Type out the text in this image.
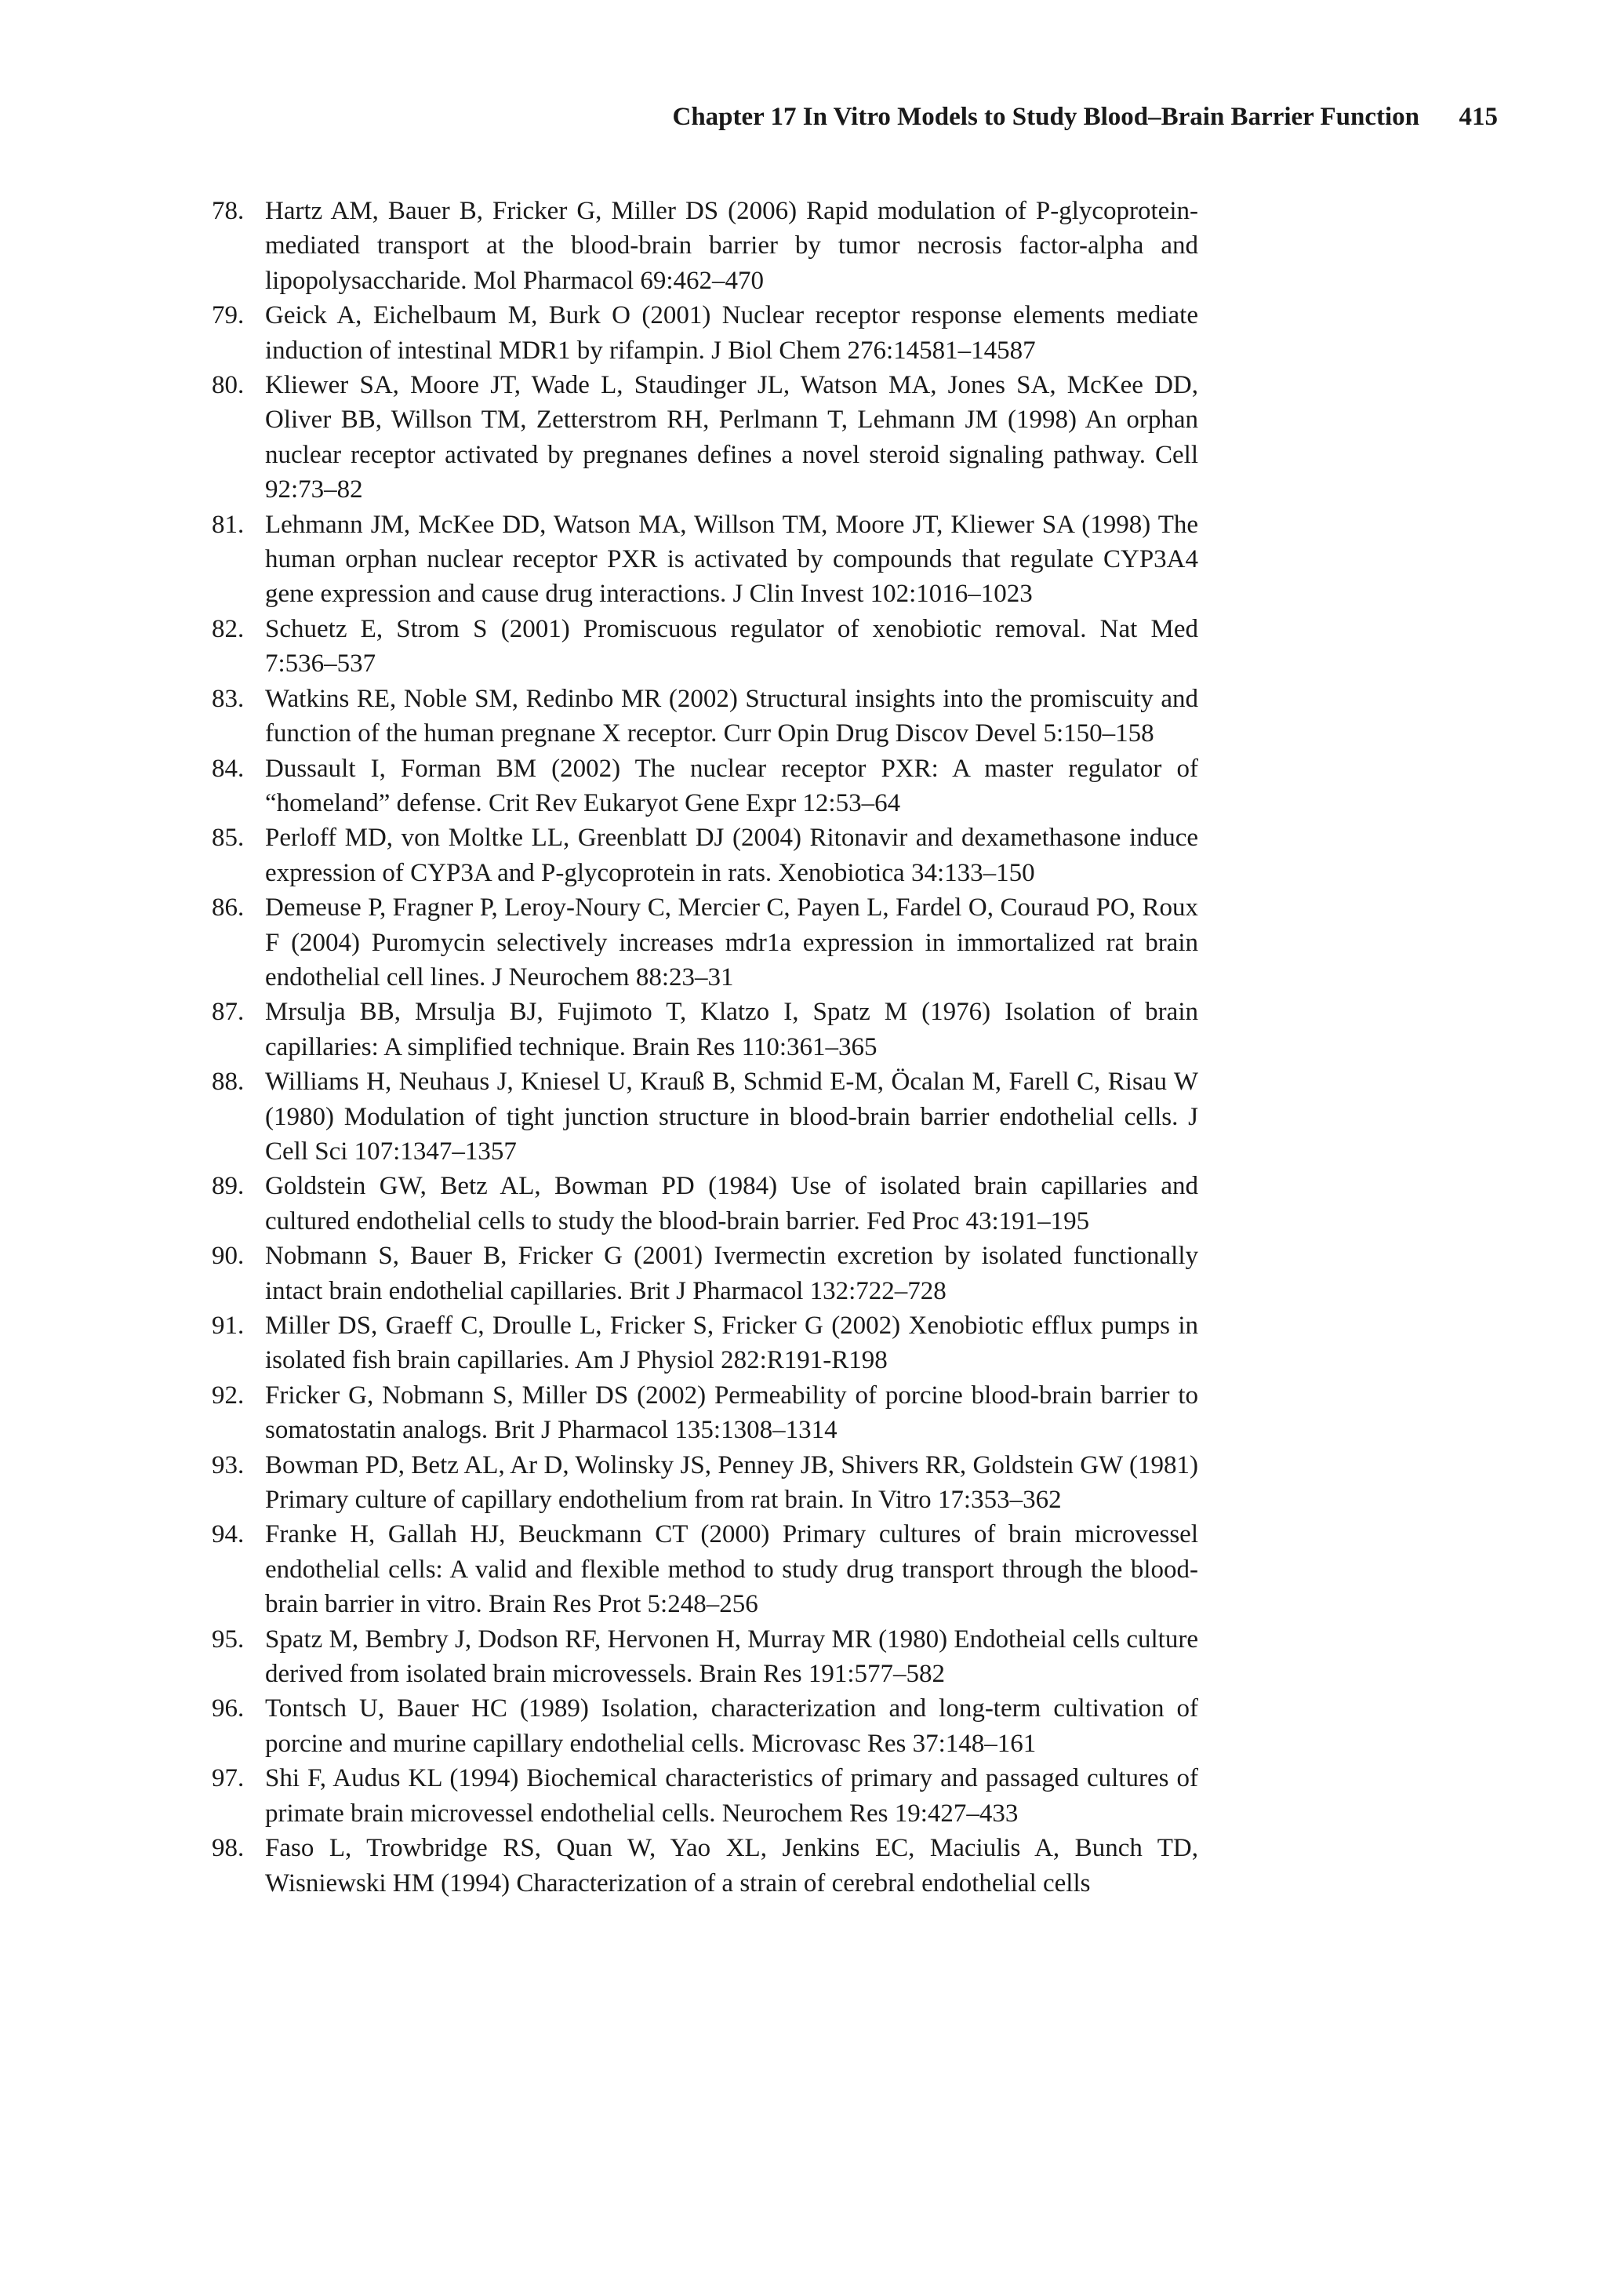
Chapter 17 In Vitro Models to Study Blood–Brain Barrier Function 415
78. Hartz AM, Bauer B, Fricker G, Miller DS (2006) Rapid modulation of P-glycoprotein-mediated transport at the blood-brain barrier by tumor necrosis factor-alpha and lipopolysaccharide. Mol Pharmacol 69:462–470
79. Geick A, Eichelbaum M, Burk O (2001) Nuclear receptor response elements mediate induction of intestinal MDR1 by rifampin. J Biol Chem 276:14581–14587
80. Kliewer SA, Moore JT, Wade L, Staudinger JL, Watson MA, Jones SA, McKee DD, Oliver BB, Willson TM, Zetterstrom RH, Perlmann T, Lehmann JM (1998) An orphan nuclear receptor activated by pregnanes defines a novel steroid signaling pathway. Cell 92:73–82
81. Lehmann JM, McKee DD, Watson MA, Willson TM, Moore JT, Kliewer SA (1998) The human orphan nuclear receptor PXR is activated by compounds that regulate CYP3A4 gene expression and cause drug interactions. J Clin Invest 102:1016–1023
82. Schuetz E, Strom S (2001) Promiscuous regulator of xenobiotic removal. Nat Med 7:536–537
83. Watkins RE, Noble SM, Redinbo MR (2002) Structural insights into the promiscuity and function of the human pregnane X receptor. Curr Opin Drug Discov Devel 5:150–158
84. Dussault I, Forman BM (2002) The nuclear receptor PXR: A master regulator of “homeland” defense. Crit Rev Eukaryot Gene Expr 12:53–64
85. Perloff MD, von Moltke LL, Greenblatt DJ (2004) Ritonavir and dexamethasone induce expression of CYP3A and P-glycoprotein in rats. Xenobiotica 34:133–150
86. Demeuse P, Fragner P, Leroy-Noury C, Mercier C, Payen L, Fardel O, Couraud PO, Roux F (2004) Puromycin selectively increases mdr1a expression in immortalized rat brain endothelial cell lines. J Neurochem 88:23–31
87. Mrsulja BB, Mrsulja BJ, Fujimoto T, Klatzo I, Spatz M (1976) Isolation of brain capillaries: A simplified technique. Brain Res 110:361–365
88. Williams H, Neuhaus J, Kniesel U, Krauß B, Schmid E-M, Öcalan M, Farell C, Risau W (1980) Modulation of tight junction structure in blood-brain barrier endothelial cells. J Cell Sci 107:1347–1357
89. Goldstein GW, Betz AL, Bowman PD (1984) Use of isolated brain capillaries and cultured endothelial cells to study the blood-brain barrier. Fed Proc 43:191–195
90. Nobmann S, Bauer B, Fricker G (2001) Ivermectin excretion by isolated functionally intact brain endothelial capillaries. Brit J Pharmacol 132:722–728
91. Miller DS, Graeff C, Droulle L, Fricker S, Fricker G (2002) Xenobiotic efflux pumps in isolated fish brain capillaries. Am J Physiol 282:R191-R198
92. Fricker G, Nobmann S, Miller DS (2002) Permeability of porcine blood-brain barrier to somatostatin analogs. Brit J Pharmacol 135:1308–1314
93. Bowman PD, Betz AL, Ar D, Wolinsky JS, Penney JB, Shivers RR, Goldstein GW (1981) Primary culture of capillary endothelium from rat brain. In Vitro 17:353–362
94. Franke H, Gallah HJ, Beuckmann CT (2000) Primary cultures of brain microvessel endothelial cells: A valid and flexible method to study drug transport through the blood-brain barrier in vitro. Brain Res Prot 5:248–256
95. Spatz M, Bembry J, Dodson RF, Hervonen H, Murray MR (1980) Endotheial cells culture derived from isolated brain microvessels. Brain Res 191:577–582
96. Tontsch U, Bauer HC (1989) Isolation, characterization and long-term cultivation of porcine and murine capillary endothelial cells. Microvasc Res 37:148–161
97. Shi F, Audus KL (1994) Biochemical characteristics of primary and passaged cultures of primate brain microvessel endothelial cells. Neurochem Res 19:427–433
98. Faso L, Trowbridge RS, Quan W, Yao XL, Jenkins EC, Maciulis A, Bunch TD, Wisniewski HM (1994) Characterization of a strain of cerebral endothelial cells
